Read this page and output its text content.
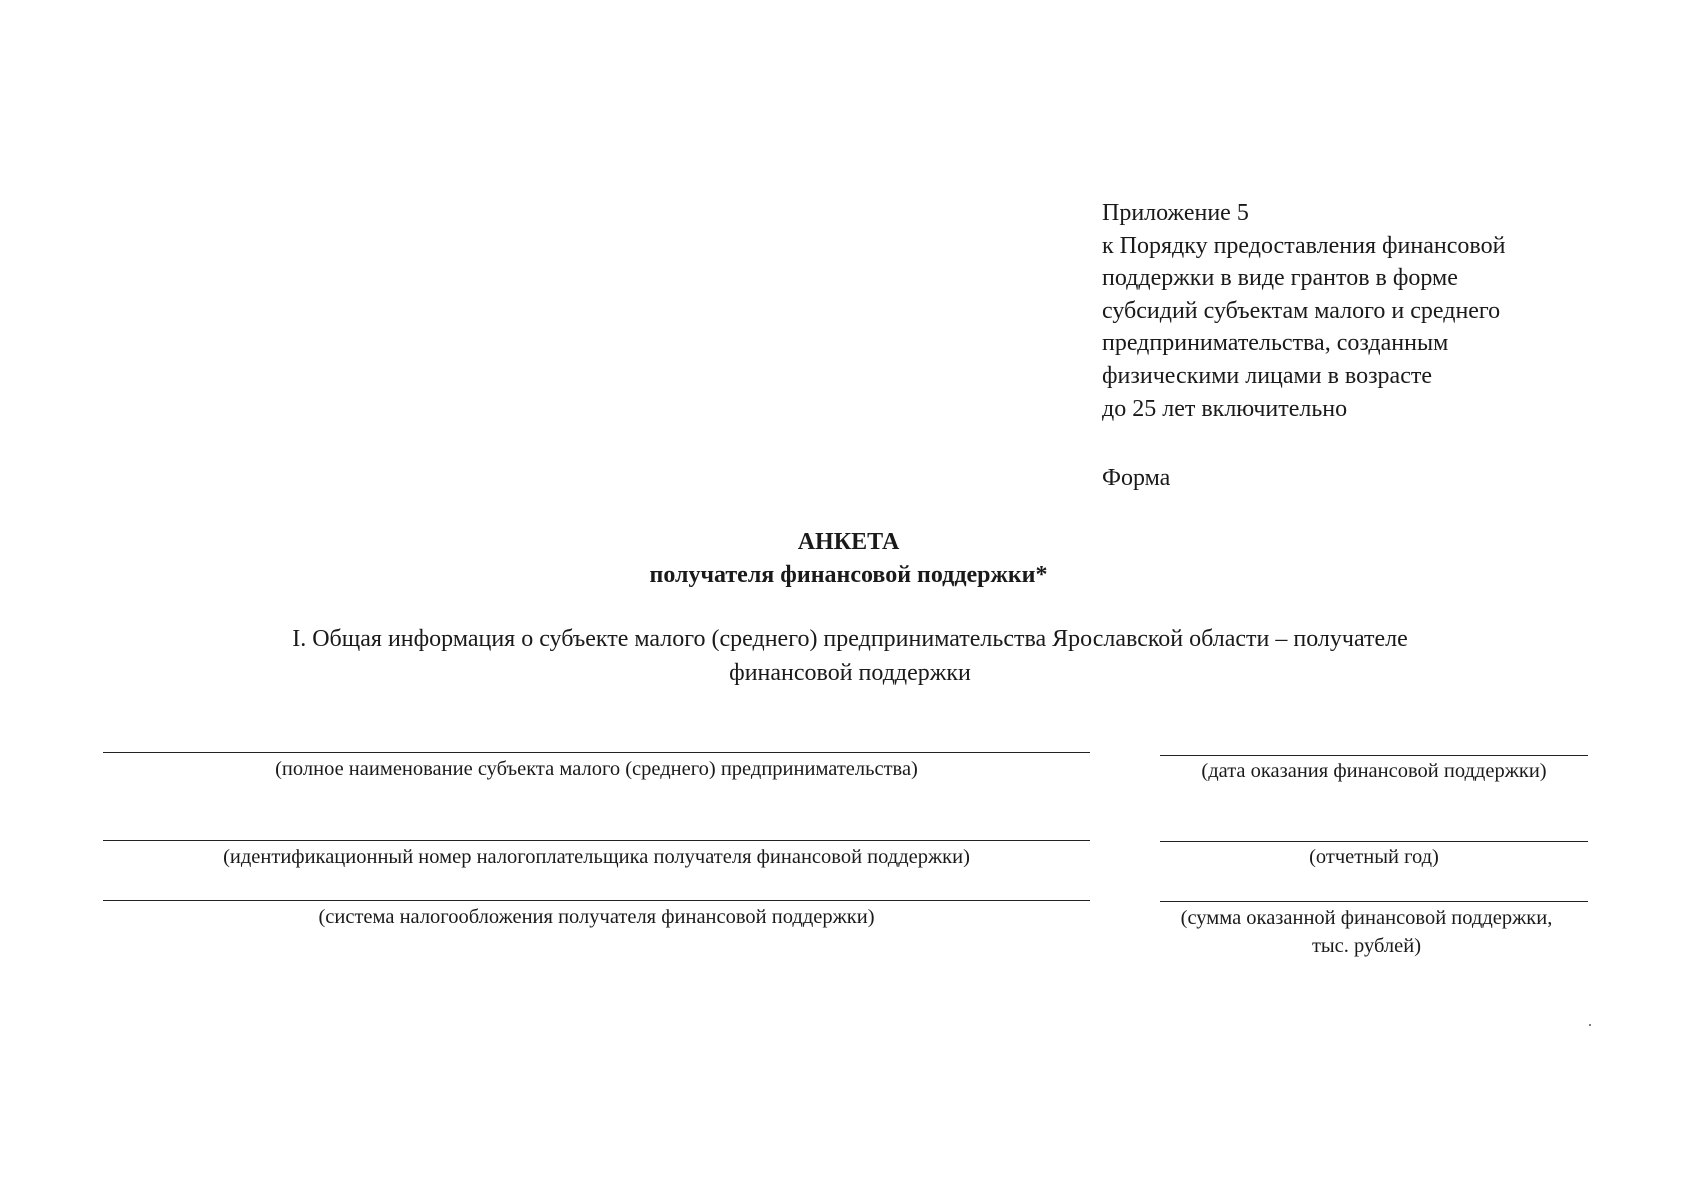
Приложение 5
к Порядку предоставления финансовой
поддержки в виде грантов в форме
субсидий субъектам малого и среднего
предпринимательства, созданным
физическими лицами в возрасте
до 25 лет включительно
Форма
АНКЕТА
получателя финансовой поддержки*
I. Общая информация о субъекте малого (среднего) предпринимательства Ярославской области – получателе
финансовой поддержки
(полное наименование субъекта малого (среднего) предпринимательства)
(идентификационный номер налогоплательщика получателя финансовой поддержки)
(система налогообложения получателя финансовой поддержки)
(дата оказания финансовой поддержки)
(отчетный год)
(сумма оказанной финансовой поддержки,
тыс. рублей)
